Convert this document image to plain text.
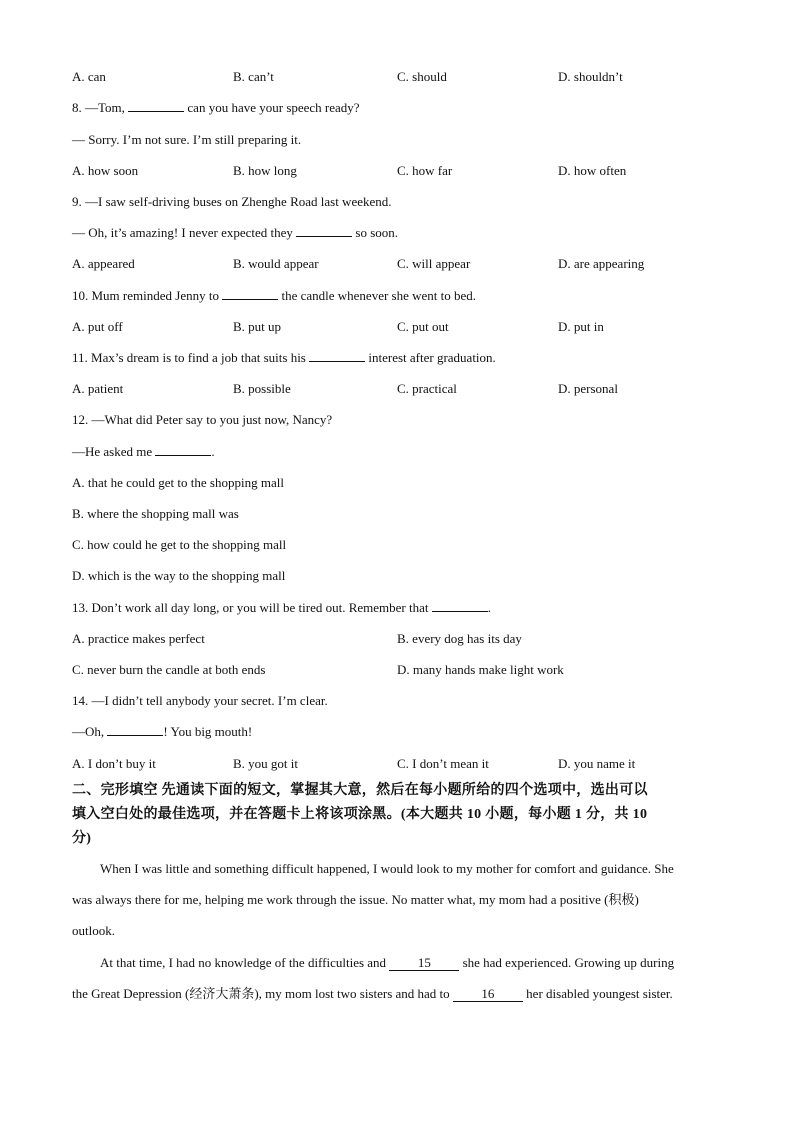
A. can	B. can’t	C. should	D. shouldn’t
8. —Tom,	can you have your speech ready?
— Sorry. I’m not sure. I’m still preparing it.
A. how soon	B. how long	C. how far	D. how often
9. —I saw self-driving buses on Zhenghe Road last weekend.
— Oh, it’s amazing! I never expected they	so soon.
A. appeared	B. would appear	C. will appear	D. are appearing
10. Mum reminded Jenny to	the candle whenever she went to bed.
A. put off	B. put up	C. put out	D. put in
11. Max’s dream is to find a job that suits his	interest after graduation.
A. patient	B. possible	C. practical	D. personal
12. —What did Peter say to you just now, Nancy?
—He asked me	.
A. that he could get to the shopping mall
B. where the shopping mall was
C. how could he get to the shopping mall
D. which is the way to the shopping mall
13. Don’t work all day long, or you will be tired out. Remember that	.
A. practice makes perfect	B. every dog has its day
C. never burn the candle at both ends	D. many hands make light work
14. —I didn’t tell anybody your secret. I’m clear.
—Oh,	! You big mouth!
A. I don’t buy it	B. you got it	C. I don’t mean it	D. you name it
二、完形填空 先通读下面的短文，掌握其大意，然后在每小题所给的四个选项中，选出可以
填入空白处的最佳选项，并在答题卡上将该项涂黑。(本大题共 10 小题，每小题 1 分，共 10
分)
When I was little and something difficult happened, I would look to my mother for comfort and guidance. She
was always there for me, helping me work through the issue. No matter what, my mom had a positive (积极)
outlook.
At that time, I had no knowledge of the difficulties and 15 she had experienced. Growing up during
the Great Depression (经济大萧条), my mom lost two sisters and had to 16 her disabled youngest sister.
